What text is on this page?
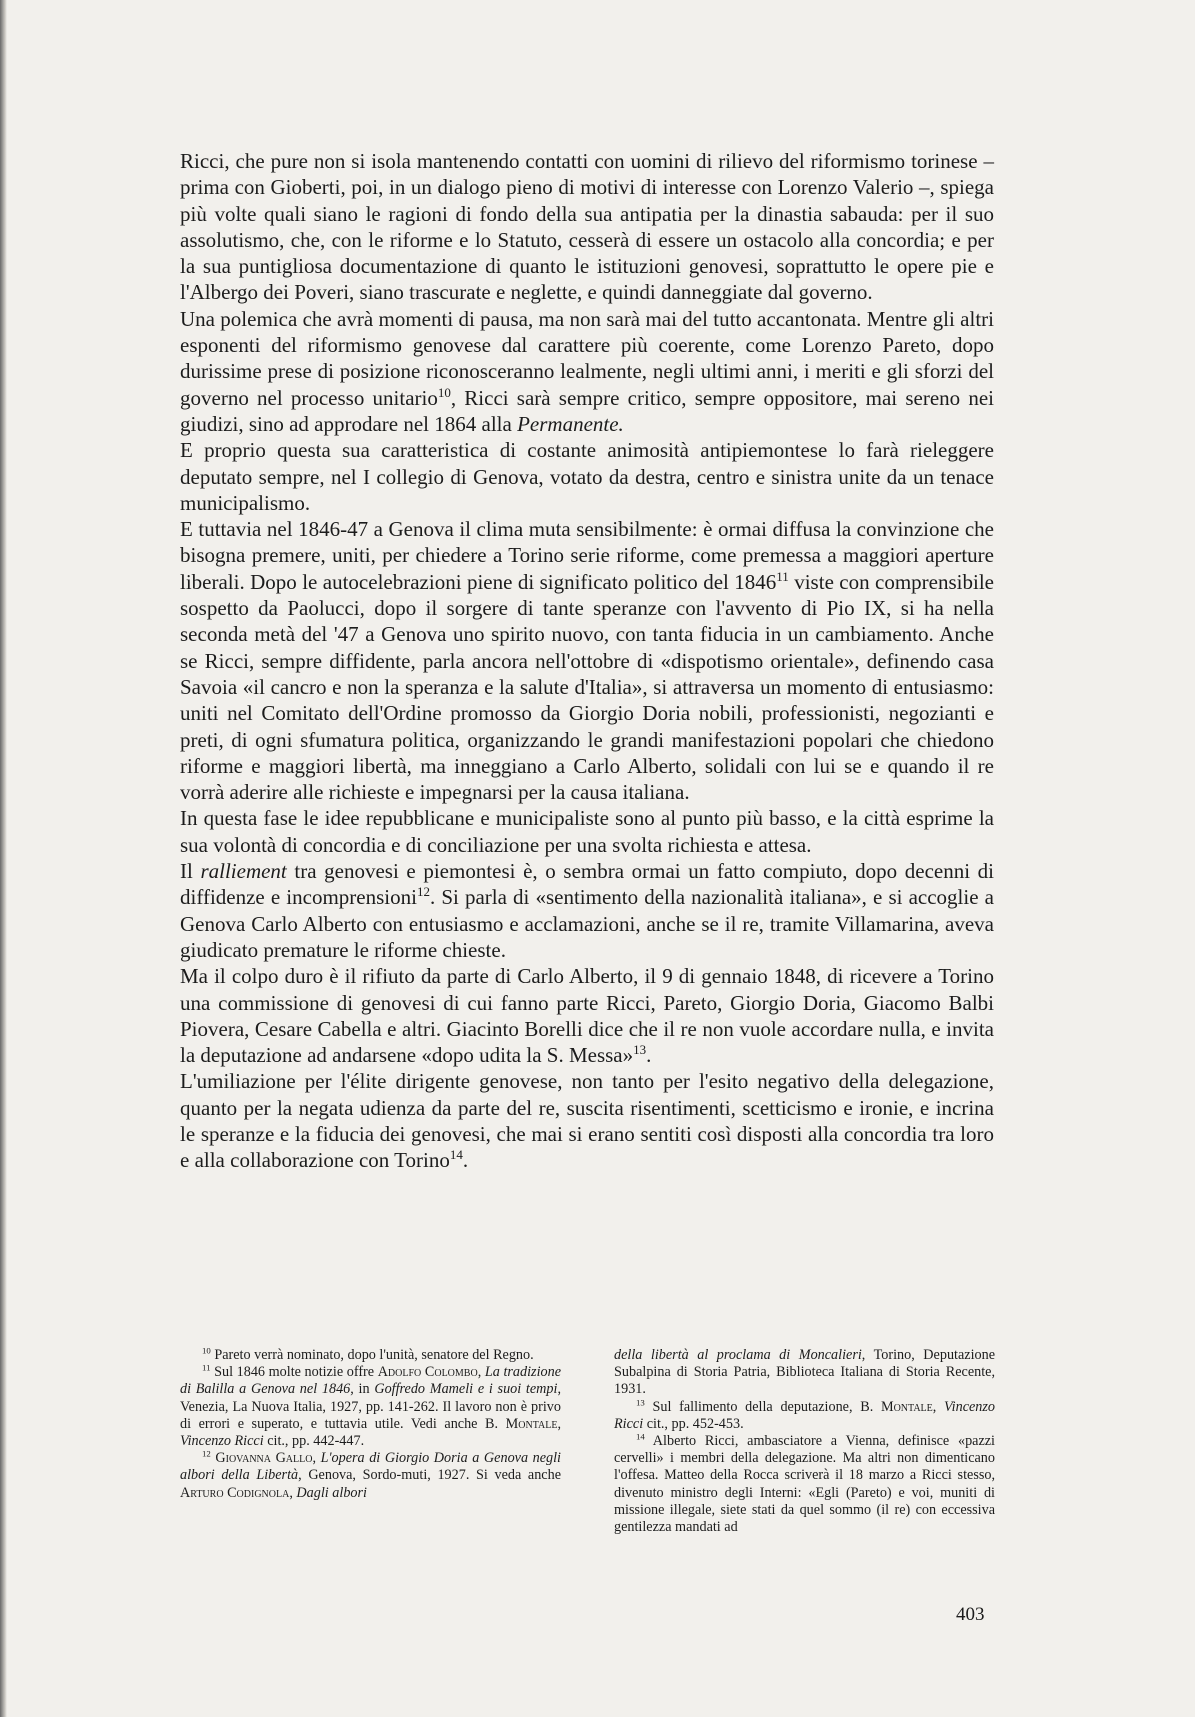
Ricci, che pure non si isola mantenendo contatti con uomini di rilievo del riformismo torinese – prima con Gioberti, poi, in un dialogo pieno di motivi di interesse con Lorenzo Valerio –, spiega più volte quali siano le ragioni di fondo della sua antipatia per la dinastia sabauda: per il suo assolutismo, che, con le riforme e lo Statuto, cesserà di essere un ostacolo alla concordia; e per la sua puntigliosa documentazione di quanto le istituzioni genovesi, soprattutto le opere pie e l'Albergo dei Poveri, siano trascurate e neglette, e quindi danneggiate dal governo.

Una polemica che avrà momenti di pausa, ma non sarà mai del tutto accantonata. Mentre gli altri esponenti del riformismo genovese dal carattere più coerente, come Lorenzo Pareto, dopo durissime prese di posizione riconosceranno lealmente, negli ultimi anni, i meriti e gli sforzi del governo nel processo unitario$^{10}$, Ricci sarà sempre critico, sempre oppositore, mai sereno nei giudizi, sino ad approdare nel 1864 alla Permanente.

E proprio questa sua caratteristica di costante animosità antipiemontese lo farà rieleggere deputato sempre, nel I collegio di Genova, votato da destra, centro e sinistra unite da un tenace municipalismo.

E tuttavia nel 1846-47 a Genova il clima muta sensibilmente: è ormai diffusa la convinzione che bisogna premere, uniti, per chiedere a Torino serie riforme, come premessa a maggiori aperture liberali. Dopo le autocelebrazioni piene di significato politico del 1846$^{11}$ viste con comprensibile sospetto da Paolucci, dopo il sorgere di tante speranze con l'avvento di Pio IX, si ha nella seconda metà del '47 a Genova uno spirito nuovo, con tanta fiducia in un cambiamento. Anche se Ricci, sempre diffidente, parla ancora nell'ottobre di «dispotismo orientale», definendo casa Savoia «il cancro e non la speranza e la salute d'Italia», si attraversa un momento di entusiasmo: uniti nel Comitato dell'Ordine promosso da Giorgio Doria nobili, professionisti, negozianti e preti, di ogni sfumatura politica, organizzando le grandi manifestazioni popolari che chiedono riforme e maggiori libertà, ma inneggiano a Carlo Alberto, solidali con lui se e quando il re vorrà aderire alle richieste e impegnarsi per la causa italiana.

In questa fase le idee repubblicane e municipaliste sono al punto più basso, e la città esprime la sua volontà di concordia e di conciliazione per una svolta richiesta e attesa.

Il ralliement tra genovesi e piemontesi è, o sembra ormai un fatto compiuto, dopo decenni di diffidenze e incomprensioni$^{12}$. Si parla di «sentimento della nazionalità italiana», e si accoglie a Genova Carlo Alberto con entusiasmo e acclamazioni, anche se il re, tramite Villamarina, aveva giudicato premature le riforme chieste.

Ma il colpo duro è il rifiuto da parte di Carlo Alberto, il 9 di gennaio 1848, di ricevere a Torino una commissione di genovesi di cui fanno parte Ricci, Pareto, Giorgio Doria, Giacomo Balbi Piovera, Cesare Cabella e altri. Giacinto Borelli dice che il re non vuole accordare nulla, e invita la deputazione ad andarsene «dopo udita la S. Messa»$^{13}$.

L'umiliazione per l'élite dirigente genovese, non tanto per l'esito negativo della delegazione, quanto per la negata udienza da parte del re, suscita risentimenti, scetticismo e ironie, e incrina le speranze e la fiducia dei genovesi, che mai si erano sentiti così disposti alla concordia tra loro e alla collaborazione con Torino$^{14}$.

$^{10}$ Pareto verrà nominato, dopo l'unità, senatore del Regno.

$^{11}$ Sul 1846 molte notizie offre Adolfo Colombo, La tradizione di Balilla a Genova nel 1846, in Goffredo Mameli e i suoi tempi, Venezia, La Nuova Italia, 1927, pp. 141-262. Il lavoro non è privo di errori e superato, e tuttavia utile. Vedi anche B. Montale, Vincenzo Ricci cit., pp. 442-447.

$^{12}$ Giovanna Gallo, L'opera di Giorgio Doria a Genova negli albori della Libertà, Genova, Sordo-muti, 1927. Si veda anche Arturo Codignola, Dagli albori

della libertà al proclama di Moncalieri, Torino, Deputazione Subalpina di Storia Patria, Biblioteca Italiana di Storia Recente, 1931.

$^{13}$ Sul fallimento della deputazione, B. Montale, Vincenzo Ricci cit., pp. 452-453.

$^{14}$ Alberto Ricci, ambasciatore a Vienna, definisce «pazzi cervelli» i membri della delegazione. Ma altri non dimenticano l'offesa. Matteo della Rocca scriverà il 18 marzo a Ricci stesso, divenuto ministro degli Interni: «Egli (Pareto) e voi, muniti di missione illegale, siete stati da quel sommo (il re) con eccessiva gentilezza mandati ad

403
